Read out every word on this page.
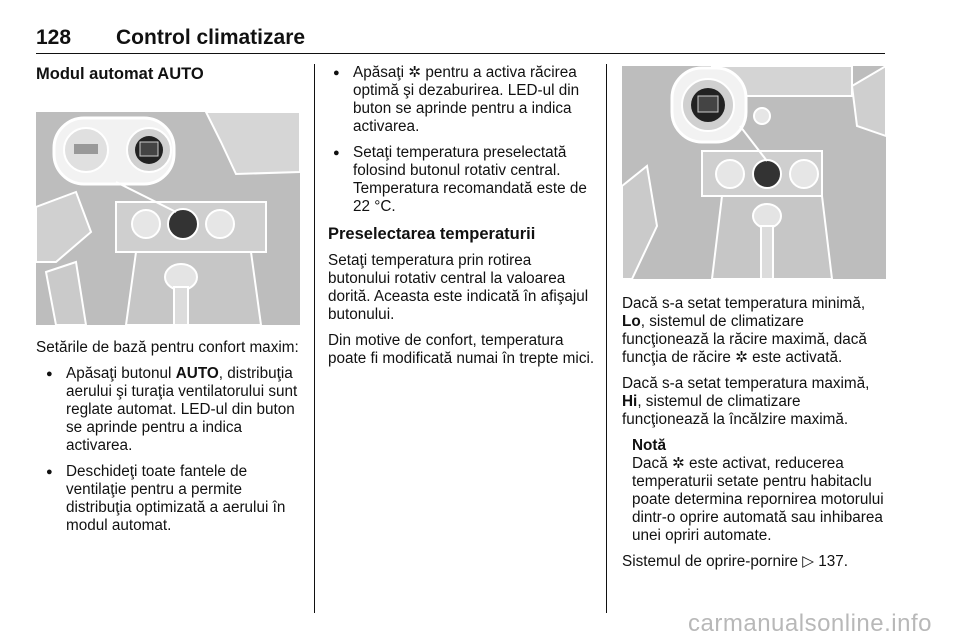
128 Control climatizare
Modul automat AUTO

Setările de bază pentru confort maxim:

● Apăsaţi butonul AUTO, distribuţia aerului şi turaţia ventilatorului sunt reglate automat. LED-ul din buton se aprinde pentru a indica activarea.
● Deschideţi toate fantele de ventilaţie pentru a permite distribuţia optimizată a aerului în modul automat.
● Apăsaţi ✲ pentru a activa răcirea optimă şi dezaburirea. LED-ul din buton se aprinde pentru a indica activarea.
● Setaţi temperatura preselectată folosind butonul rotativ central. Temperatura recomandată este de 22 °C.
Preselectarea temperaturii

Setaţi temperatura prin rotirea butonului rotativ central la valoarea dorită. Aceasta este indicată în afişajul butonului.

Din motive de confort, temperatura poate fi modificată numai în trepte mici.

Dacă s-a setat temperatura minimă, Lo, sistemul de climatizare funcţionează la răcire maximă, dacă funcţia de răcire ✲ este activată.

Dacă s-a setat temperatura maximă, Hi, sistemul de climatizare funcţionează la încălzire maximă.

Notă
Dacă ✲ este activat, reducerea temperaturii setate pentru habitaclu poate determina repornirea motorului dintr-o oprire automată sau inhibarea unei opriri automate.

Sistemul de oprire-pornire ▷ 137.

carmanualsonline.info
